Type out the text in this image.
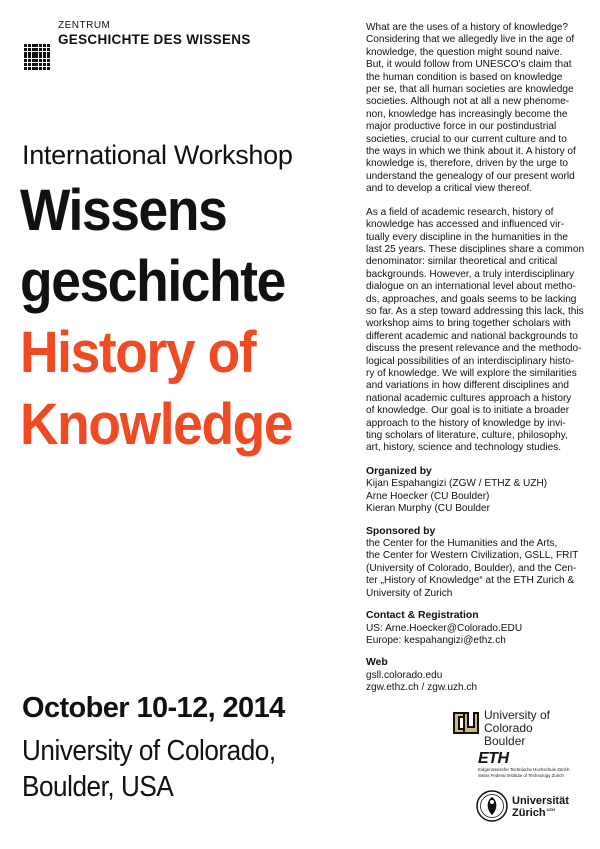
ZENTRUM
GESCHICHTE DES WISSENS
International Workshop
Wissens
geschichte
History of
Knowledge
October 10-12, 2014
University of Colorado,
Boulder, USA

What are the uses of a history of knowledge?
Considering that we allegedly live in the age of
knowledge, the question might sound naive.
But, it would follow from UNESCO's claim that
the human condition is based on knowledge
per se, that all human societies are knowledge
societies. Although not at all a new phenome-
non, knowledge has increasingly become the
major productive force in our postindustrial
societies, crucial to our current culture and to
the ways in which we think about it. A history of
knowledge is, therefore, driven by the urge to
understand the genealogy of our present world
and to develop a critical view thereof.

As a field of academic research, history of
knowledge has accessed and influenced vir-
tually every discipline in the humanities in the
last 25 years. These disciplines share a common
denominator: similar theoretical and critical
backgrounds. However, a truly interdisciplinary
dialogue on an international level about metho-
ds, approaches, and goals seems to be lacking
so far. As a step toward addressing this lack, this
workshop aims to bring together scholars with
different academic and national backgrounds to
discuss the present relevance and the methodo-
logical possibilities of an interdisciplinary histo-
ry of knowledge. We will explore the similarities
and variations in how different disciplines and
national academic cultures approach a history
of knowledge. Our goal is to initiate a broader
approach to the history of knowledge by invi-
ting scholars of literature, culture, philosophy,
art, history, science and technology studies.

Organized by
Kijan Espahangizi (ZGW / ETHZ & UZH)
Arne Hoecker (CU Boulder)
Kieran Murphy (CU Boulder
Sponsored by
the Center for the Humanities and the Arts,
the Center for Western Civilization, GSLL, FRIT
(University of Colorado, Boulder), and the Cen-
ter „History of Knowledge“ at the ETH Zurich &
University of Zurich
Contact & Registration
US: Arne.Hoecker@Colorado.EDU
Europe: kespahangizi@ethz.ch
Web
gsll.colorado.edu
zgw.ethz.ch / zgw.uzh.ch
University of Colorado
Boulder
ETH
Eidgenössische Technische Hochschule Zürich
Swiss Federal Institute of Technology Zurich
Universität
Zürich$^{UZH}$
